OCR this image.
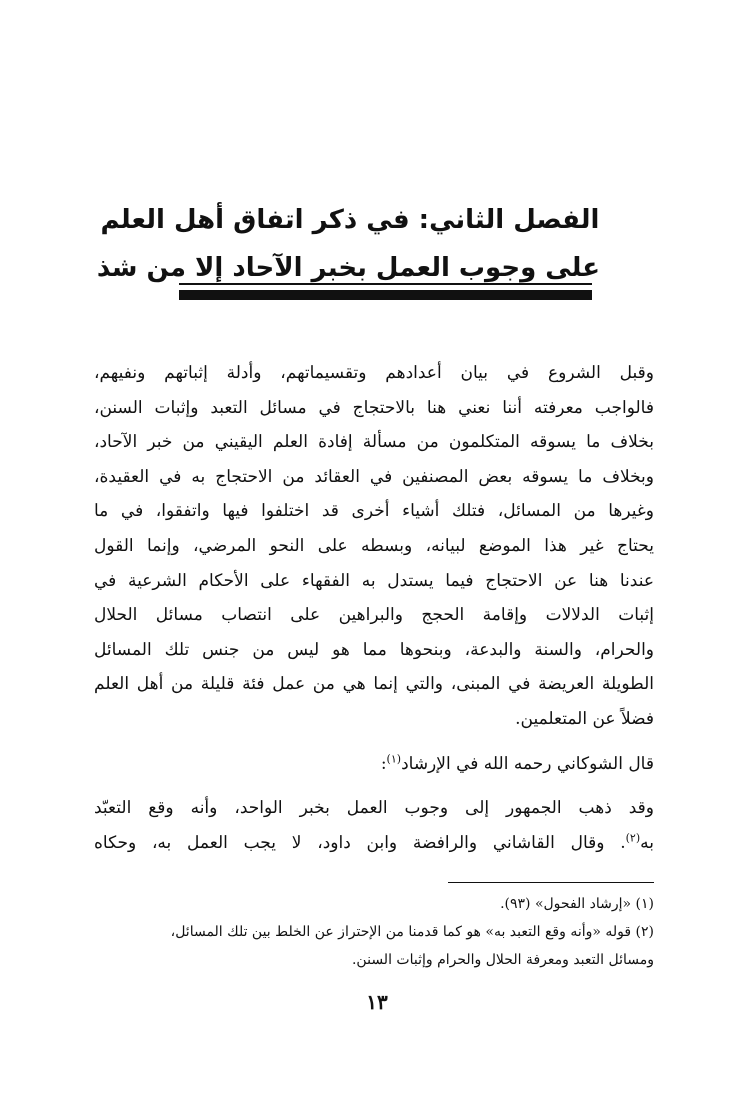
الفصل الثاني: في ذكر اتفاق أهل العلم
على وجوب العمل بخبر الآحاد إلا من شذ

وقبل الشروع في بيان أعدادهم وتقسيماتهم، وأدلة إثباتهم ونفيهم،
فالواجب معرفته أننا نعني هنا بالاحتجاج في مسائل التعبد وإثبات السنن،
بخلاف ما يسوقه المتكلمون من مسألة إفادة العلم اليقيني من خبر الآحاد،
وبخلاف ما يسوقه بعض المصنفين في العقائد من الاحتجاج به في العقيدة،
وغيرها من المسائل، فتلك أشياء أخرى قد اختلفوا فيها واتفقوا، في ما
يحتاج غير هذا الموضع لبيانه، وبسطه على النحو المرضي، وإنما القول
عندنا هنا عن الاحتجاج فيما يستدل به الفقهاء على الأحكام الشرعية في
إثبات الدلالات وإقامة الحجج والبراهين على انتصاب مسائل الحلال
والحرام، والسنة والبدعة، وبنحوها مما هو ليس من جنس تلك المسائل
الطويلة العريضة في المبنى، والتي إنما هي من عمل فئة قليلة من أهل العلم
فضلاً عن المتعلمين.

قال الشوكاني رحمه الله في الإرشاد$^{(١)}$:

وقد ذهب الجمهور إلى وجوب العمل بخبر الواحد، وأنه وقع التعبّد
به$^{(٢)}$. وقال القاشاني والرافضة وابن داود، لا يجب العمل به، وحكاه

(١) «إرشاد الفحول» (٩٣).
(٢) قوله «وأنه وقع التعبد به» هو كما قدمنا من الإحتراز عن الخلط بين تلك المسائل،
ومسائل التعبد ومعرفة الحلال والحرام وإثبات السنن.
١٣
